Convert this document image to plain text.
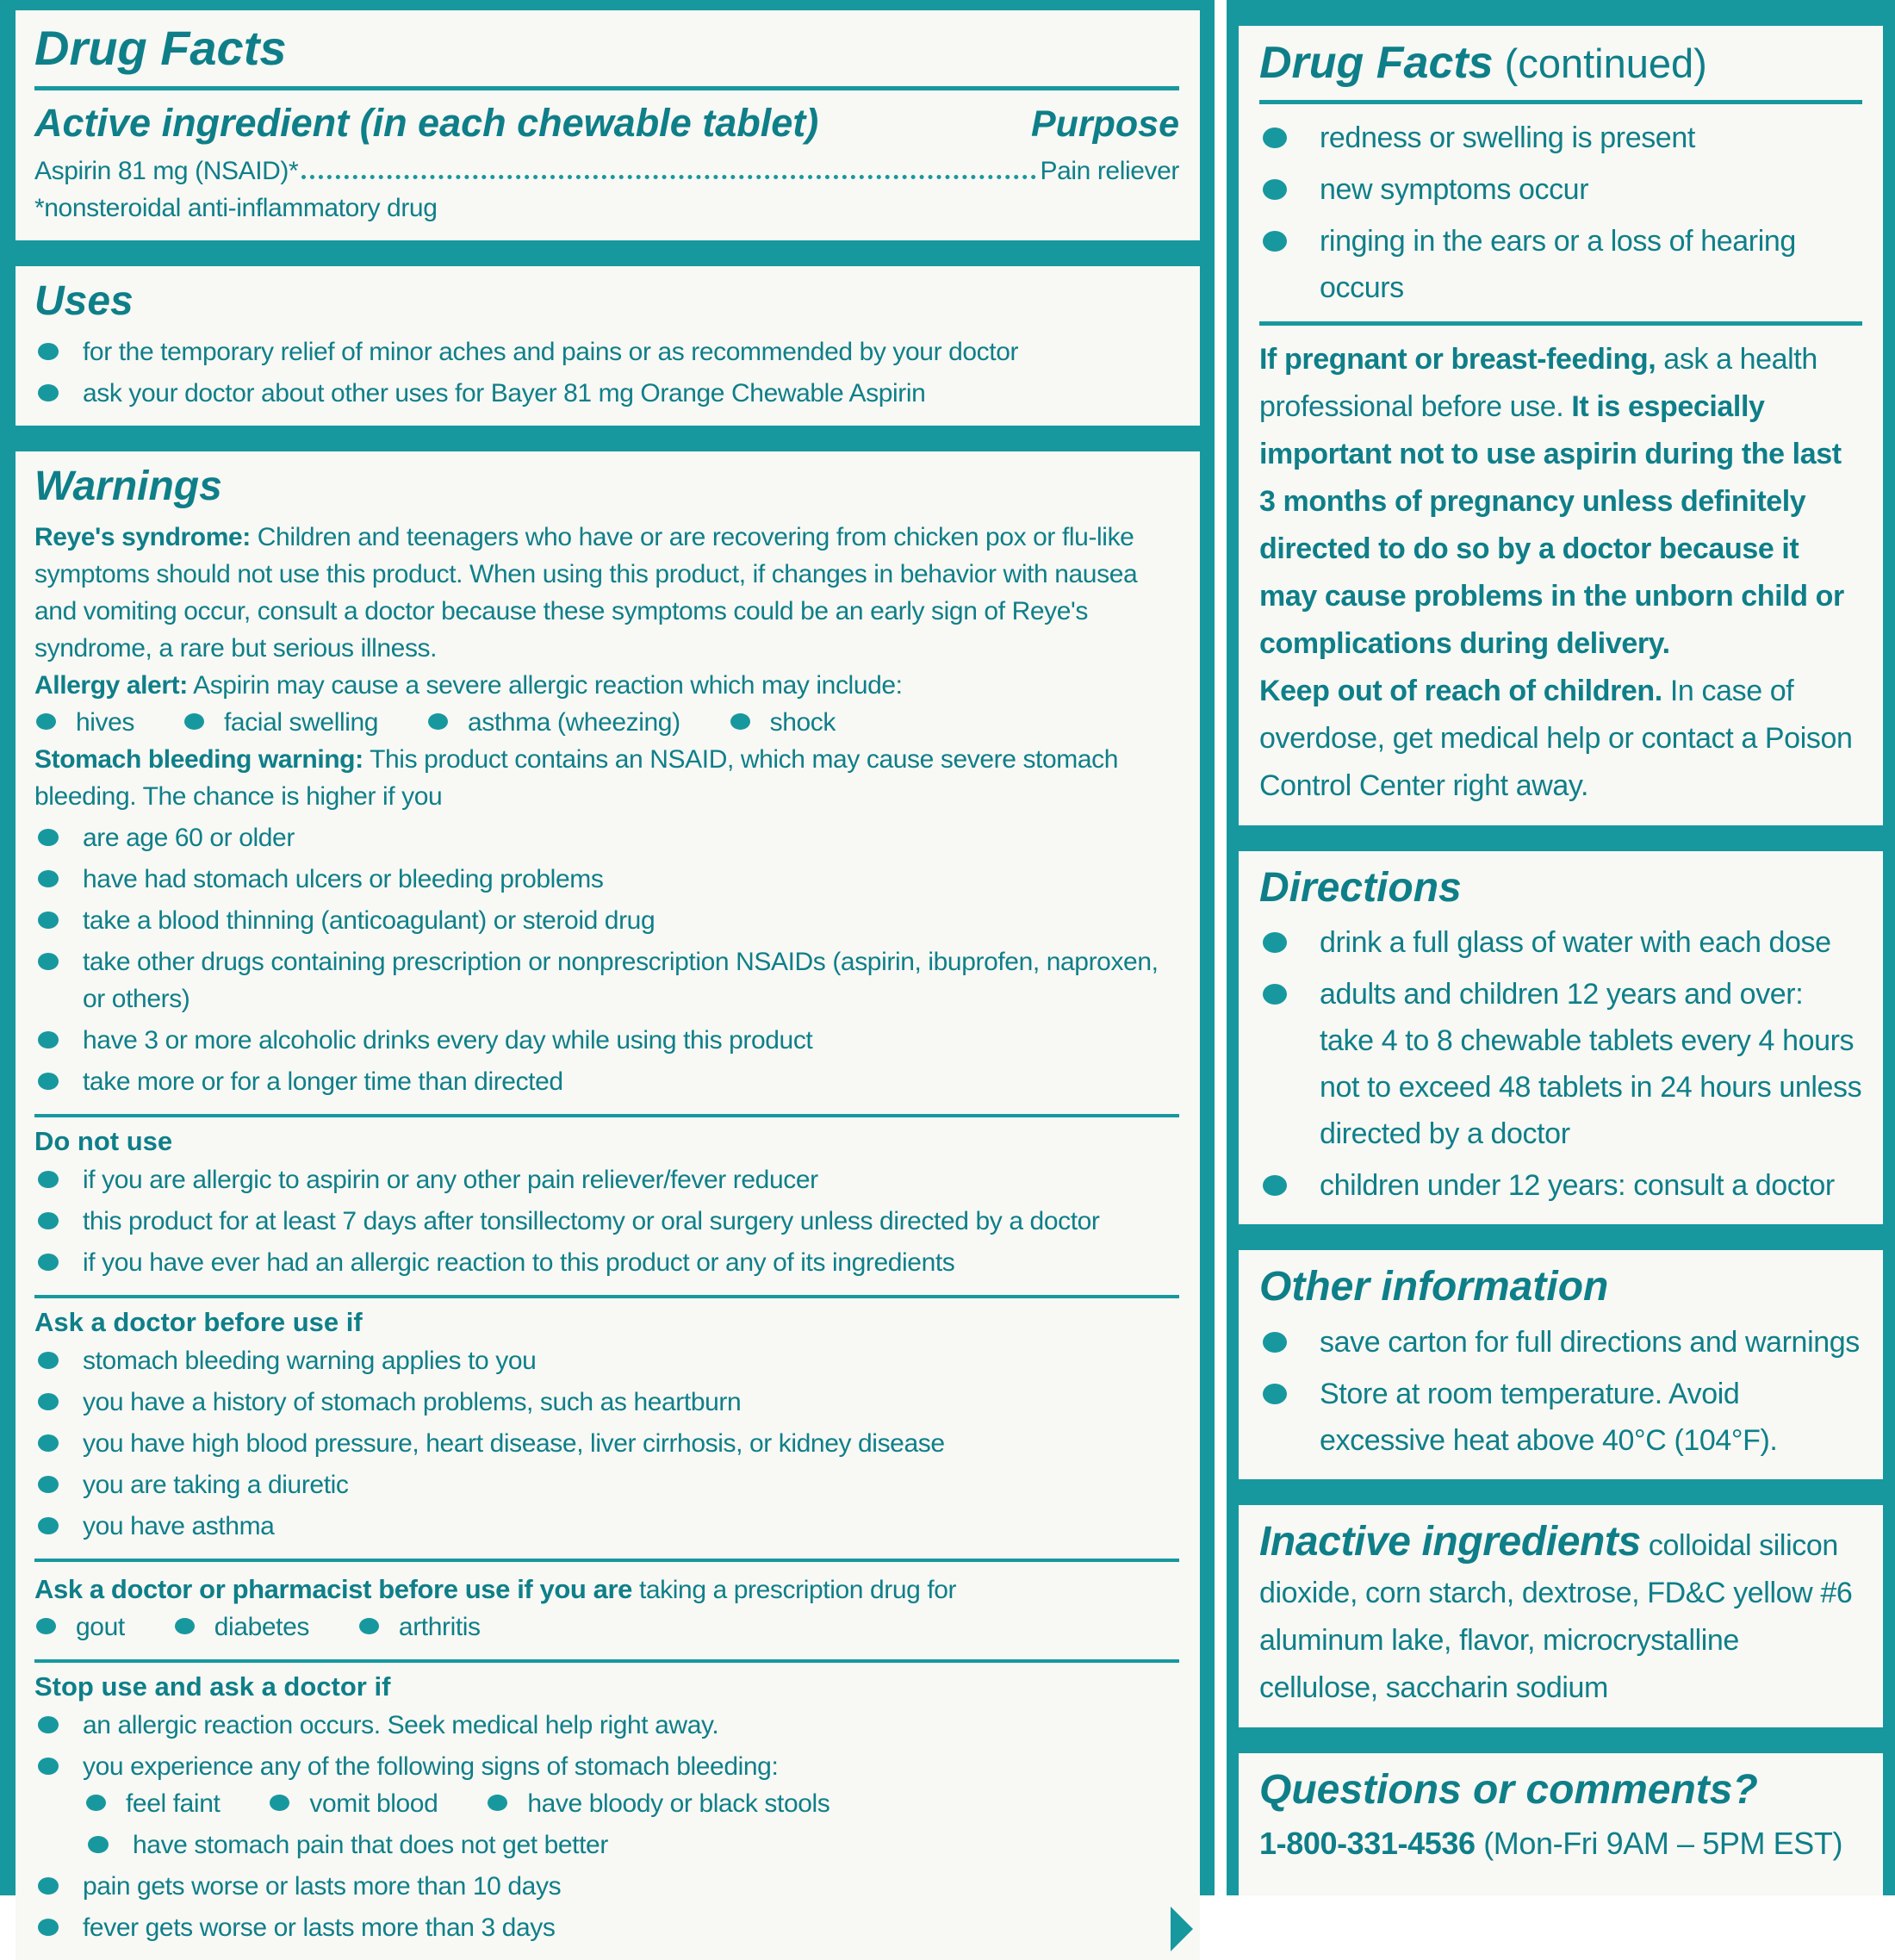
Drug Facts
Active ingredient (in each chewable tablet)	Purpose
Aspirin 81 mg (NSAID)*	Pain reliever
*nonsteroidal anti-inflammatory drug
Uses
for the temporary relief of minor aches and pains or as recommended by your doctor
ask your doctor about other uses for Bayer 81 mg Orange Chewable Aspirin
Warnings
Reye's syndrome: Children and teenagers who have or are recovering from chicken pox or flu-like symptoms should not use this product. When using this product, if changes in behavior with nausea and vomiting occur, consult a doctor because these symptoms could be an early sign of Reye's syndrome, a rare but serious illness.
Allergy alert: Aspirin may cause a severe allergic reaction which may include:
hives	facial swelling	asthma (wheezing)	shock
Stomach bleeding warning: This product contains an NSAID, which may cause severe stomach bleeding. The chance is higher if you
are age 60 or older
have had stomach ulcers or bleeding problems
take a blood thinning (anticoagulant) or steroid drug
take other drugs containing prescription or nonprescription NSAIDs (aspirin, ibuprofen, naproxen, or others)
have 3 or more alcoholic drinks every day while using this product
take more or for a longer time than directed
Do not use
if you are allergic to aspirin or any other pain reliever/fever reducer
this product for at least 7 days after tonsillectomy or oral surgery unless directed by a doctor
if you have ever had an allergic reaction to this product or any of its ingredients
Ask a doctor before use if
stomach bleeding warning applies to you
you have a history of stomach problems, such as heartburn
you have high blood pressure, heart disease, liver cirrhosis, or kidney disease
you are taking a diuretic
you have asthma
Ask a doctor or pharmacist before use if you are taking a prescription drug for
gout	diabetes	arthritis
Stop use and ask a doctor if
an allergic reaction occurs. Seek medical help right away.
you experience any of the following signs of stomach bleeding:
feel faint	vomit blood	have bloody or black stools
have stomach pain that does not get better
pain gets worse or lasts more than 10 days
fever gets worse or lasts more than 3 days
Drug Facts (continued)
redness or swelling is present
new symptoms occur
ringing in the ears or a loss of hearing occurs
If pregnant or breast-feeding, ask a health professional before use. It is especially important not to use aspirin during the last 3 months of pregnancy unless definitely directed to do so by a doctor because it may cause problems in the unborn child or complications during delivery.
Keep out of reach of children. In case of overdose, get medical help or contact a Poison Control Center right away.
Directions
drink a full glass of water with each dose
adults and children 12 years and over: take 4 to 8 chewable tablets every 4 hours not to exceed 48 tablets in 24 hours unless directed by a doctor
children under 12 years: consult a doctor
Other information
save carton for full directions and warnings
Store at room temperature. Avoid excessive heat above 40°C (104°F).
Inactive ingredients colloidal silicon dioxide, corn starch, dextrose, FD&C yellow #6 aluminum lake, flavor, microcrystalline cellulose, saccharin sodium
Questions or comments?
1-800-331-4536 (Mon-Fri 9AM – 5PM EST)
